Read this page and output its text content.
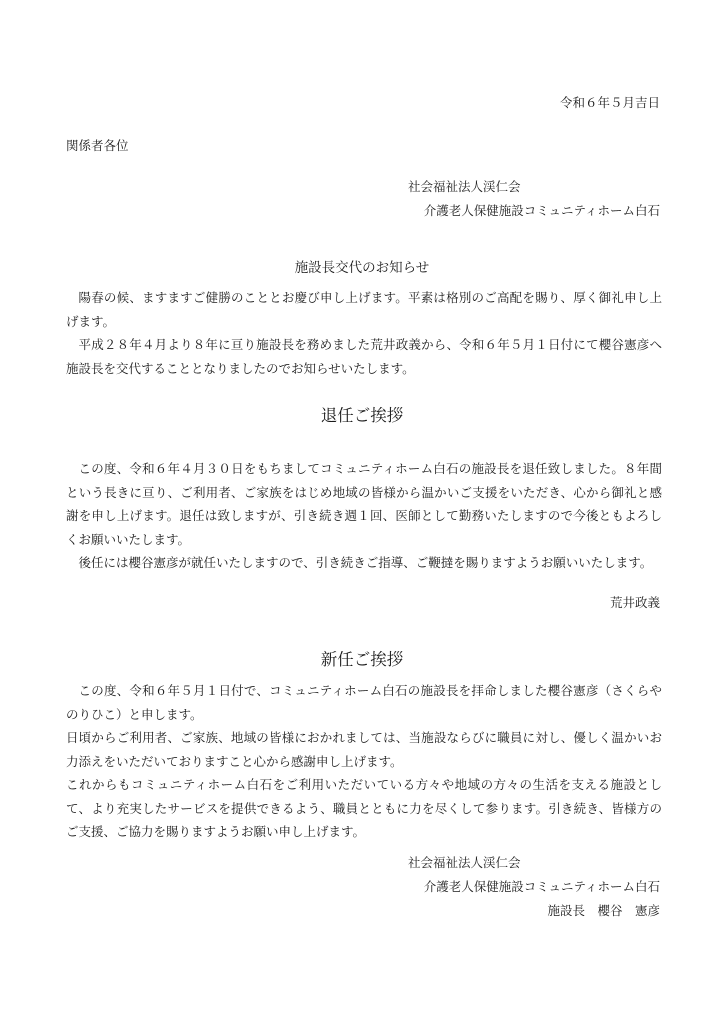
令和６年５月吉日
関係者各位
社会福祉法人渓仁会
介護老人保健施設コミュニティホーム白石
施設長交代のお知らせ

陽春の候、ますますご健勝のこととお慶び申し上げます。平素は格別のご高配を賜り、厚く御礼申し上げます。

平成２８年４月より８年に亘り施設長を務めました荒井政義から、令和６年５月１日付にて櫻谷憲彦へ施設長を交代することとなりましたのでお知らせいたします。

退任ご挨拶

この度、令和６年４月３０日をもちましてコミュニティホーム白石の施設長を退任致しました。８年間という長きに亘り、ご利用者、ご家族をはじめ地域の皆様から温かいご支援をいただき、心から御礼と感謝を申し上げます。退任は致しますが、引き続き週１回、医師として勤務いたしますので今後ともよろしくお願いいたします。

後任には櫻谷憲彦が就任いたしますので、引き続きご指導、ご鞭撻を賜りますようお願いいたします。

荒井政義
新任ご挨拶

この度、令和６年５月１日付で、コミュニティホーム白石の施設長を拝命しました櫻谷憲彦（さくらやのりひこ）と申します。

日頃からご利用者、ご家族、地域の皆様におかれましては、当施設ならびに職員に対し、優しく温かいお力添えをいただいておりますこと心から感謝申し上げます。

これからもコミュニティホーム白石をご利用いただいている方々や地域の方々の生活を支える施設として、より充実したサービスを提供できるよう、職員とともに力を尽くして参ります。引き続き、皆様方のご支援、ご協力を賜りますようお願い申し上げます。

社会福祉法人渓仁会
介護老人保健施設コミュニティホーム白石
施設長　櫻谷　憲彦
